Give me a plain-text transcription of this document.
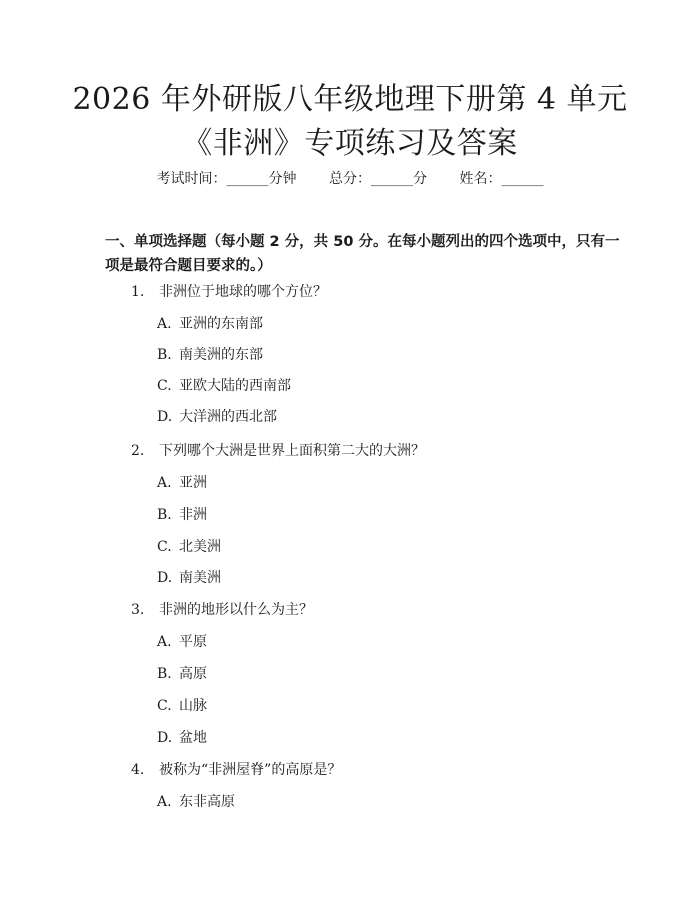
2026 年外研版八年级地理下册第 4 单元《非洲》专项练习及答案
考试时间：______分钟 总分：______分 姓名：______
一、单项选择题（每小题 2 分，共 50 分。在每小题列出的四个选项中，只有一项是最符合题目要求的。）
1. 非洲位于地球的哪个方位？
A. 亚洲的东南部
B. 南美洲的东部
C. 亚欧大陆的西南部
D. 大洋洲的西北部
2. 下列哪个大洲是世界上面积第二大的大洲？
A. 亚洲
B. 非洲
C. 北美洲
D. 南美洲
3. 非洲的地形以什么为主？
A. 平原
B. 高原
C. 山脉
D. 盆地
4. 被称为“非洲屋脊”的高原是？
A. 东非高原
